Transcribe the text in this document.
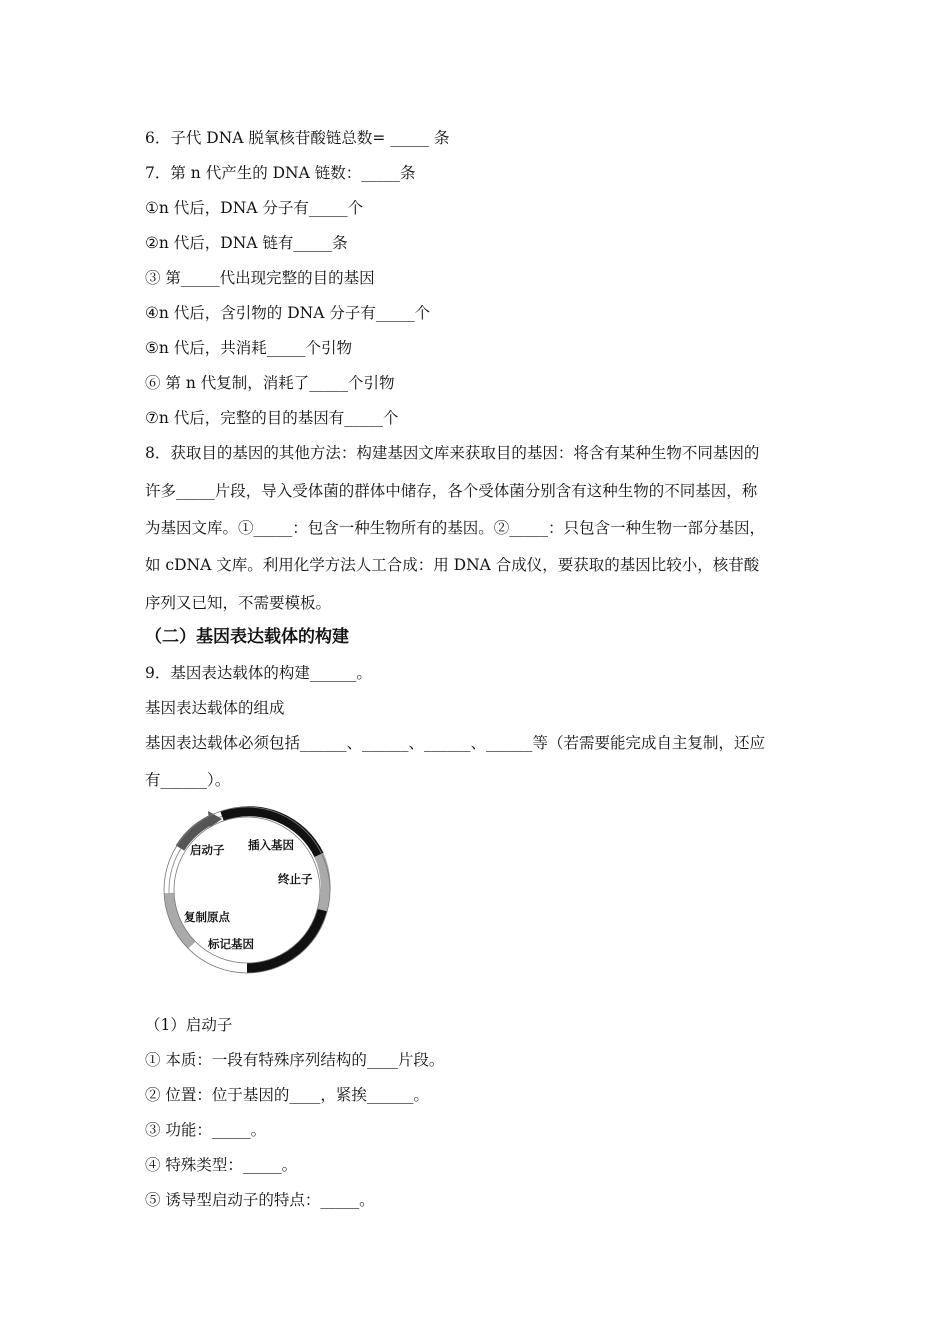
6．子代 DNA 脱氧核苷酸链总数= _____ 条
7．第 n 代产生的 DNA 链数：_____条
①n 代后，DNA 分子有_____个
②n 代后，DNA 链有_____条
③ 第_____代出现完整的目的基因
④n 代后，含引物的 DNA 分子有_____个
⑤n 代后，共消耗_____个引物
⑥ 第 n 代复制，消耗了_____个引物
⑦n 代后，完整的目的基因有_____个
8．获取目的基因的其他方法：构建基因文库来获取目的基因：将含有某种生物不同基因的
许多_____片段，导入受体菌的群体中储存，各个受体菌分别含有这种生物的不同基因，称
为基因文库。①_____：包含一种生物所有的基因。②_____：只包含一种生物一部分基因，
如 cDNA 文库。利用化学方法人工合成：用 DNA 合成仪，要获取的基因比较小，核苷酸
序列又已知，不需要模板。
（二）基因表达载体的构建
9．基因表达载体的构建______。
基因表达载体的组成
基因表达载体必须包括______、______、______、______等（若需要能完成自主复制，还应
有______）。
启动子 插入基因
终止子
复制原点
标记基因
（1）启动子
① 本质：一段有特殊序列结构的____片段。
② 位置：位于基因的____，紧挨______。
③ 功能：_____。
④ 特殊类型：_____。
⑤ 诱导型启动子的特点：_____。
